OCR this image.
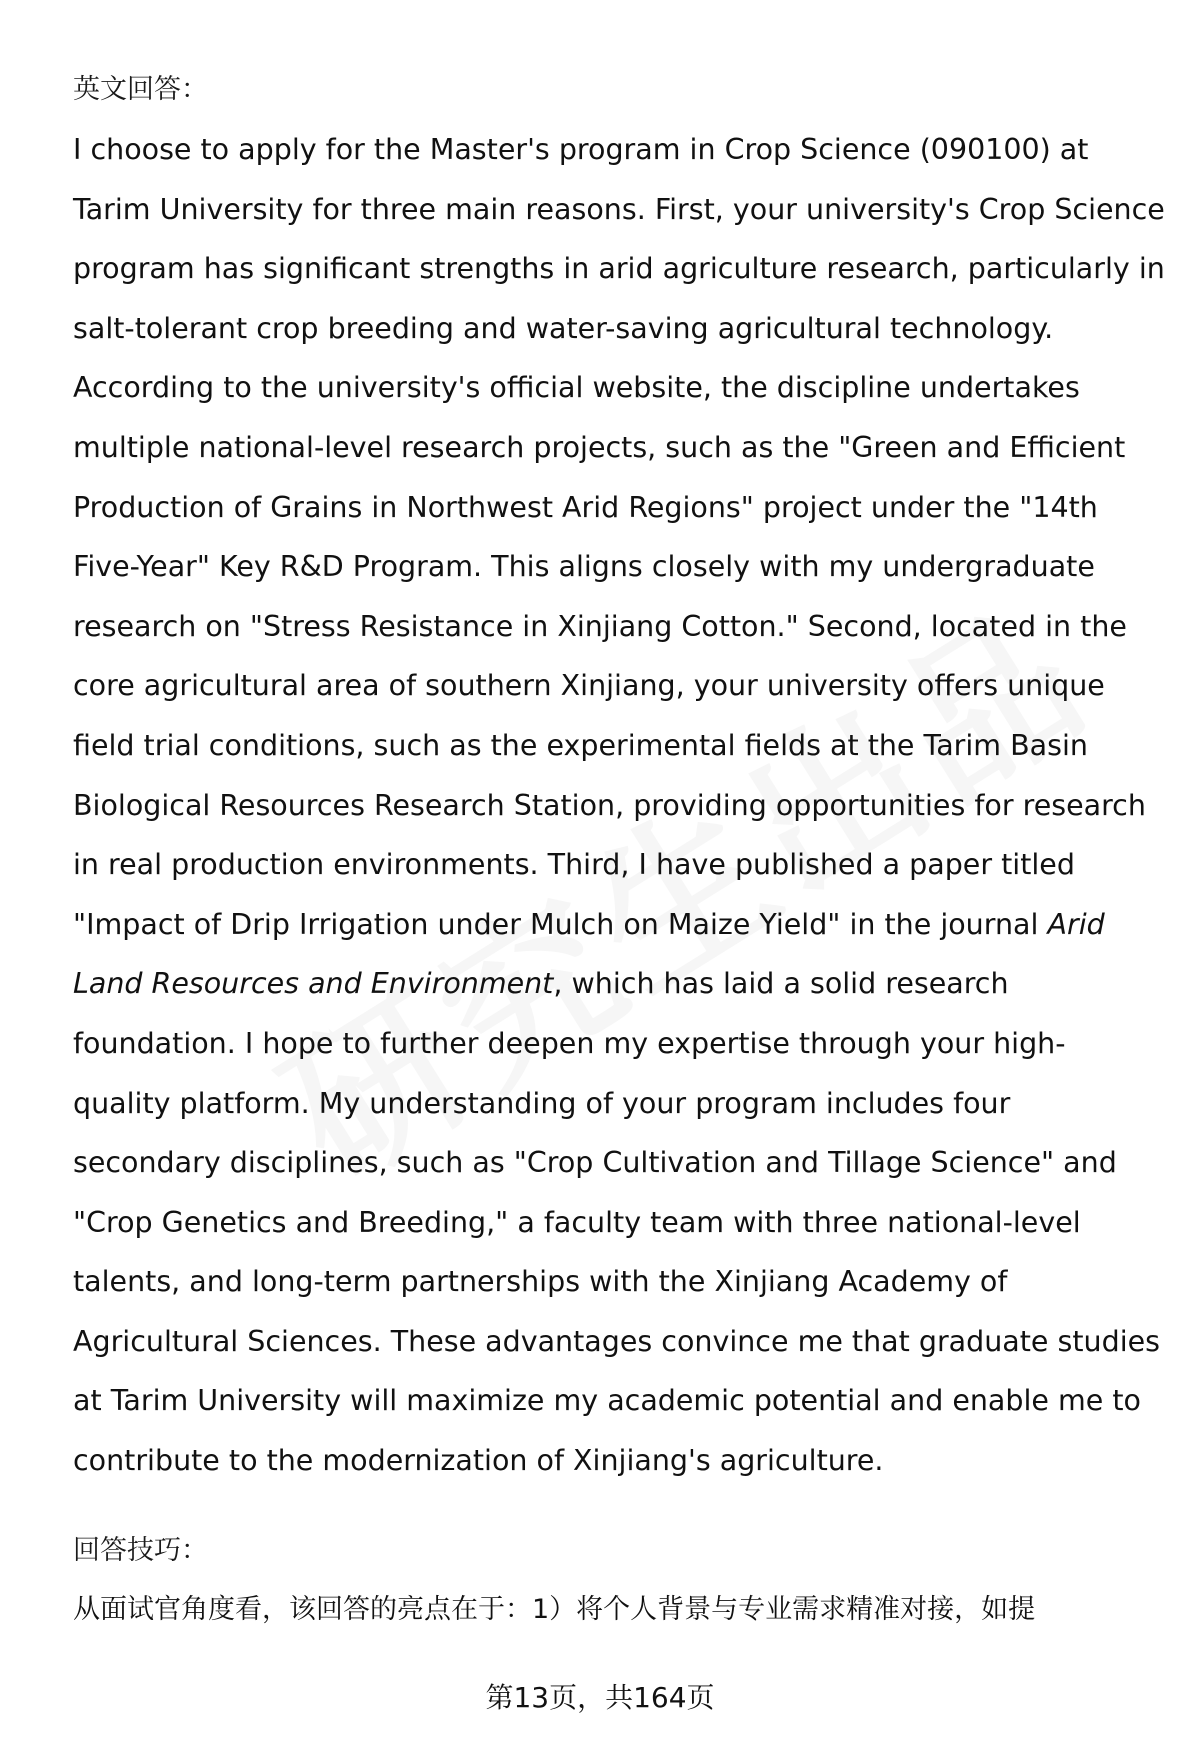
英文回答：

I choose to apply for the Master's program in Crop Science (090100) at
Tarim University for three main reasons. First, your university's Crop Science
program has significant strengths in arid agriculture research, particularly in
salt-tolerant crop breeding and water-saving agricultural technology.
According to the university's official website, the discipline undertakes
multiple national-level research projects, such as the "Green and Efficient
Production of Grains in Northwest Arid Regions" project under the "14th
Five-Year" Key R&D Program. This aligns closely with my undergraduate
research on "Stress Resistance in Xinjiang Cotton." Second, located in the
core agricultural area of southern Xinjiang, your university offers unique
field trial conditions, such as the experimental fields at the Tarim Basin
Biological Resources Research Station, providing opportunities for research
in real production environments. Third, I have published a paper titled
"Impact of Drip Irrigation under Mulch on Maize Yield" in the journal Arid
Land Resources and Environment, which has laid a solid research
foundation. I hope to further deepen my expertise through your high-
quality platform. My understanding of your program includes four
secondary disciplines, such as "Crop Cultivation and Tillage Science" and
"Crop Genetics and Breeding," a faculty team with three national-level
talents, and long-term partnerships with the Xinjiang Academy of
Agricultural Sciences. These advantages convince me that graduate studies
at Tarim University will maximize my academic potential and enable me to
contribute to the modernization of Xinjiang's agriculture.

回答技巧：
从面试官角度看，该回答的亮点在于：1）将个人背景与专业需求精准对接，如提
第13页，共164页
